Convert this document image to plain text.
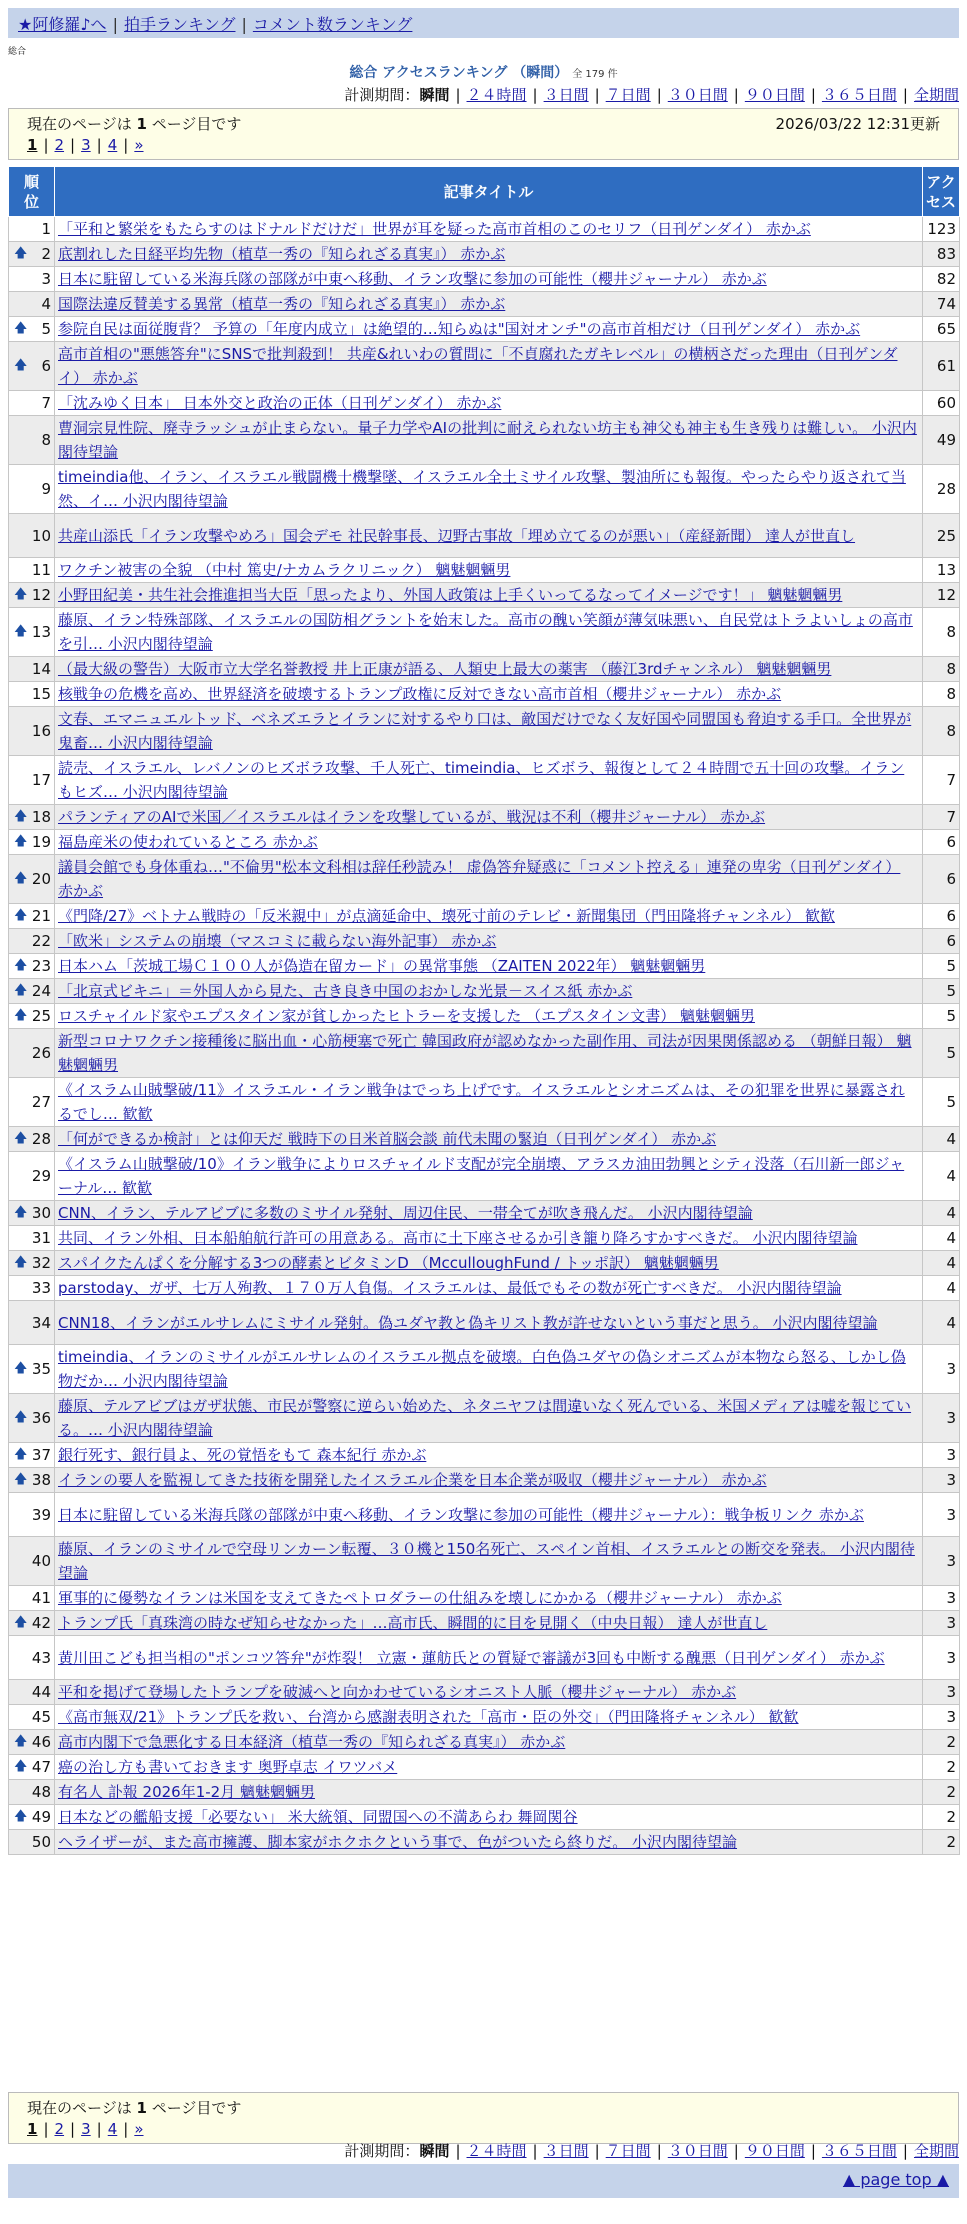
★阿修羅♪へ | 拍手ランキング | コメント数ランキング
総合
総合 アクセスランキング （瞬間） 全 179 件
計測期間：瞬間 | ２４時間 | ３日間 | ７日間 | ３０日間 | ９０日間 | ３６５日間 | 全期間
現在のページは 1 ページ目です	2026/03/22 12:31更新
1 | 2 | 3 | 4 | »
順位	記事タイトル	アクセス
1	「平和と繁栄をもたらすのはドナルドだけだ」世界が耳を疑った高市首相のこのセリフ（日刊ゲンダイ） 赤かぶ	123

🡅 2	底割れした日経平均先物（植草一秀の『知られざる真実』） 赤かぶ	83
3	日本に駐留している米海兵隊の部隊が中東へ移動、イラン攻撃に参加の可能性（櫻井ジャーナル） 赤かぶ	82
4	国際法違反賛美する異常（植草一秀の『知られざる真実』） 赤かぶ	74

🡅 5	参院自民は面従腹背？ 予算の「年度内成立」は絶望的…知らぬは"国対オンチ"の高市首相だけ（日刊ゲンダイ） 赤かぶ	65

🡅 6	高市首相の"悪態答弁"にSNSで批判殺到！ 共産&れいわの質問に「不貞腐れたガキレベル」の横柄さだった理由（日刊ゲンダイ） 赤かぶ	61
7	「沈みゆく日本」 日本外交と政治の正体（日刊ゲンダイ） 赤かぶ	60
8	曹洞宗見性院、廃寺ラッシュが止まらない。量子力学やAIの批判に耐えられない坊主も神父も神主も生き残りは難しい。 小沢内閣待望論	49
9	timeindia他、イラン、イスラエル戦闘機十機撃墜、イスラエル全土ミサイル攻撃、製油所にも報復。やったらやり返されて当然、イ… 小沢内閣待望論	28
10	共産山添氏「イラン攻撃やめろ」国会デモ 社民幹事長、辺野古事故「埋め立てるのが悪い」（産経新聞） 達人が世直し	25
11	ワクチン被害の全貌 （中村 篤史/ナカムラクリニック） 魑魅魍魎男	13

🡅 12	小野田紀美・共生社会推進担当大臣「思ったより、外国人政策は上手くいってるなってイメージです！」 魑魅魍魎男	12

🡅 13	藤原、イラン特殊部隊、イスラエルの国防相グラントを始末した。高市の醜い笑顔が薄気味悪い、自民党はトラよいしょの高市を引… 小沢内閣待望論	8
14	（最大級の警告）大阪市立大学名誉教授 井上正康が語る、人類史上最大の薬害 （藤江3rdチャンネル） 魑魅魍魎男	8
15	核戦争の危機を高め、世界経済を破壊するトランプ政権に反対できない高市首相（櫻井ジャーナル） 赤かぶ	8
16	文春、エマニュエルトッド、ベネズエラとイランに対するやり口は、敵国だけでなく友好国や同盟国も脅迫する手口。全世界が鬼畜… 小沢内閣待望論	8
17	読売、イスラエル、レバノンのヒズボラ攻撃、千人死亡、timeindia、ヒズボラ、報復として２４時間で五十回の攻撃。イランもヒズ… 小沢内閣待望論	7

🡅 18	パランティアのAIで米国／イスラエルはイランを攻撃しているが、戦況は不利（櫻井ジャーナル） 赤かぶ	7

🡅 19	福島産米の使われているところ 赤かぶ	6

🡅 20	議員会館でも身体重ね…"不倫男"松本文科相は辞任秒読み！ 虚偽答弁疑惑に「コメント控える」連発の卑劣（日刊ゲンダイ） 赤かぶ	6

🡅 21	《門降/27》ベトナム戦時の「反米親中」が点滴延命中、壊死寸前のテレビ・新聞集団（門田隆将チャンネル） 歓歓	6
22	「欧米」システムの崩壊（マスコミに載らない海外記事） 赤かぶ	6

🡅 23	日本ハム「茨城工場Ｃ１００人が偽造在留カード」の異常事態 （ZAITEN 2022年） 魑魅魍魎男	5

🡅 24	「北京式ビキニ」＝外国人から見た、古き良き中国のおかしな光景－スイス紙 赤かぶ	5

🡅 25	ロスチャイルド家やエプスタイン家が貧しかったヒトラーを支援した （エプスタイン文書） 魑魅魍魎男	5
26	新型コロナワクチン接種後に脳出血・心筋梗塞で死亡 韓国政府が認めなかった副作用、司法が因果関係認める （朝鮮日報） 魑魅魍魎男	5
27	《イスラム山賊撃破/11》イスラエル・イラン戦争はでっち上げです。イスラエルとシオニズムは、その犯罪を世界に暴露されるでし… 歓歓	5

🡅 28	「何ができるか検討」とは仰天だ 戦時下の日米首脳会談 前代未聞の緊迫（日刊ゲンダイ） 赤かぶ	4
29	《イスラム山賊撃破/10》イラン戦争によりロスチャイルド支配が完全崩壊、アラスカ油田勃興とシティ没落（石川新一郎ジャーナル… 歓歓	4

🡅 30	CNN、イラン、テルアビブに多数のミサイル発射、周辺住民、一帯全てが吹き飛んだ。 小沢内閣待望論	4
31	共同、イラン外相、日本船舶航行許可の用意ある。高市に土下座させるか引き籠り降ろすかすべきだ。 小沢内閣待望論	4

🡅 32	スパイクたんぱくを分解する3つの酵素とビタミンD （McculloughFund / トッポ訳） 魑魅魍魎男	4
33	parstoday、ガザ、七万人殉教、１７０万人負傷。イスラエルは、最低でもその数が死亡すべきだ。 小沢内閣待望論	4
34	CNN18、イランがエルサレムにミサイル発射。偽ユダヤ教と偽キリスト教が許せないという事だと思う。 小沢内閣待望論	4

🡅 35	timeindia、イランのミサイルがエルサレムのイスラエル拠点を破壊。白色偽ユダヤの偽シオニズムが本物なら怒る、しかし偽物だか… 小沢内閣待望論	3

🡅 36	藤原、テルアビブはガザ状態、市民が警察に逆らい始めた、ネタニヤフは間違いなく死んでいる、米国メディアは嘘を報じている。… 小沢内閣待望論	3

🡅 37	銀行死す、銀行員よ、死の覚悟をもて 森本紀行 赤かぶ	3

🡅 38	イランの要人を監視してきた技術を開発したイスラエル企業を日本企業が吸収（櫻井ジャーナル） 赤かぶ	3
39	日本に駐留している米海兵隊の部隊が中東へ移動、イラン攻撃に参加の可能性（櫻井ジャーナル）：戦争板リンク 赤かぶ	3
40	藤原、イランのミサイルで空母リンカーン転覆、３０機と150名死亡、スペイン首相、イスラエルとの断交を発表。 小沢内閣待望論	3
41	軍事的に優勢なイランは米国を支えてきたペトロダラーの仕組みを壊しにかかる（櫻井ジャーナル） 赤かぶ	3

🡅 42	トランプ氏「真珠湾の時なぜ知らせなかった」…高市氏、瞬間的に目を見開く（中央日報） 達人が世直し	3
43	黄川田こども担当相の"ポンコツ答弁"が炸裂！ 立憲・蓮舫氏との質疑で審議が3回も中断する醜悪（日刊ゲンダイ） 赤かぶ	3
44	平和を掲げて登場したトランプを破滅へと向かわせているシオニスト人脈（櫻井ジャーナル） 赤かぶ	3
45	《高市無双/21》トランプ氏を救い、台湾から感謝表明された「高市・臣の外交」（門田隆将チャンネル） 歓歓	3

🡅 46	高市内閣下で急悪化する日本経済（植草一秀の『知られざる真実』） 赤かぶ	2

🡅 47	癌の治し方も書いておきます 奥野卓志 イワツバメ	2
48	有名人 訃報 2026年1-2月 魑魅魍魎男	2

🡅 49	日本などの艦船支援「必要ない」 米大統領、同盟国への不満あらわ 舞岡関谷	2
50	ヘライザーが、また高市擁護、脚本家がホクホクという事で、色がついたら終りだ。 小沢内閣待望論	2
現在のページは 1 ページ目です
1 | 2 | 3 | 4 | »
計測期間：瞬間 | ２４時間 | ３日間 | ７日間 | ３０日間 | ９０日間 | ３６５日間 | 全期間
▲ page top ▲
